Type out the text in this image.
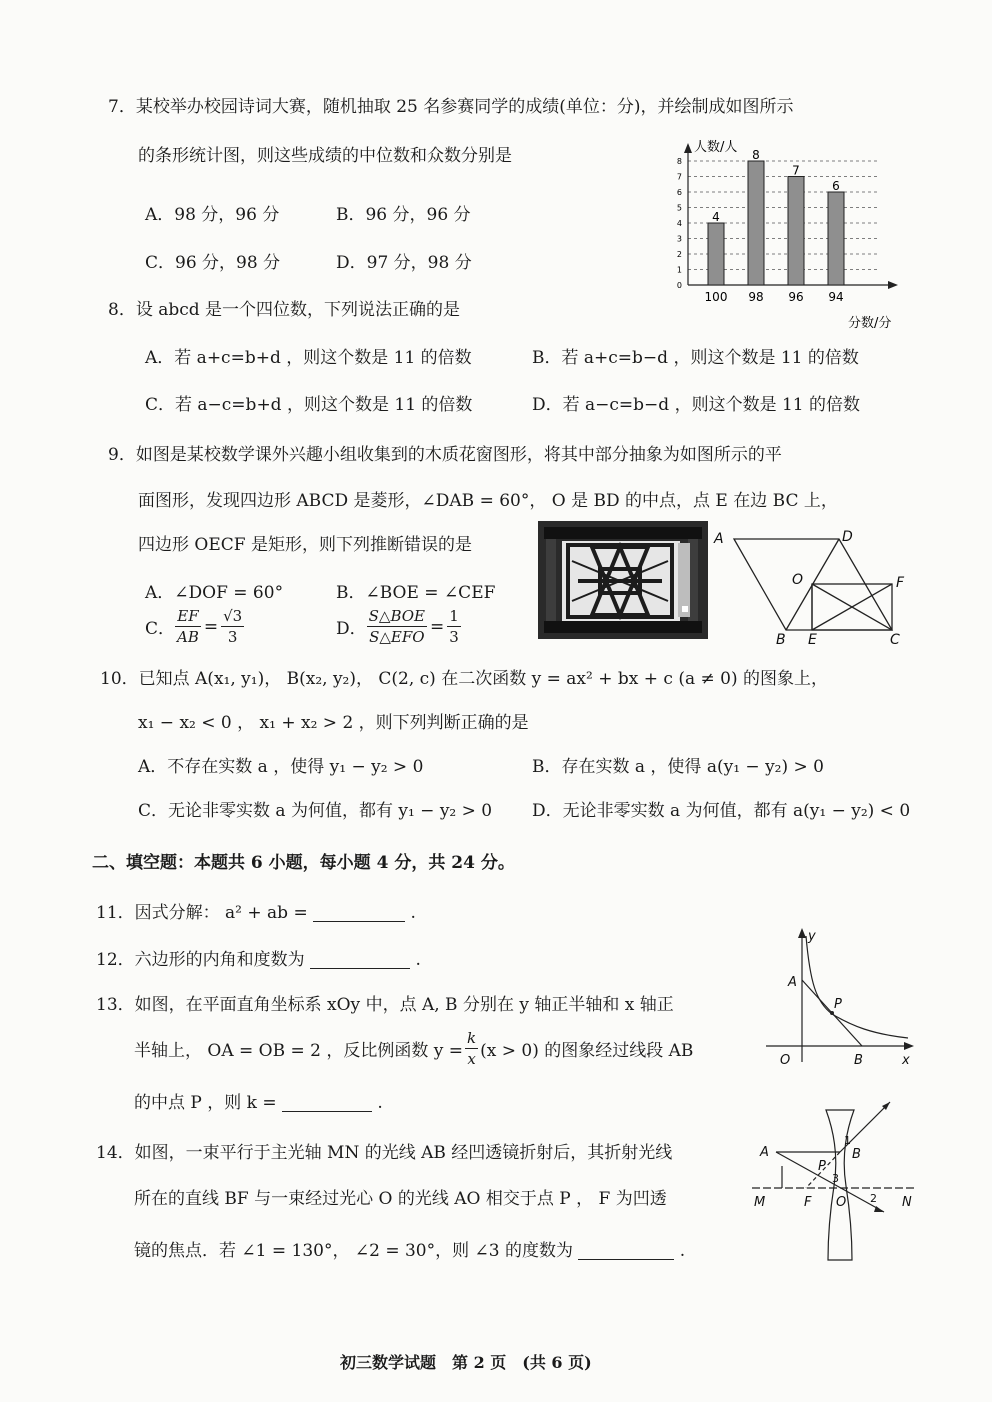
7．某校举办校园诗词大赛，随机抽取 25 名参赛同学的成绩(单位：分)，并绘制成如图所示
的条形统计图，则这些成绩的中位数和众数分别是
A．98 分，96 分	B．96 分，96 分
C．96 分，98 分	D．97 分，98 分
0
1
2
3
4
5
6
7
8
4
100
8
98
7
96
6
94
人数/人
分数/分
8．设 abcd 是一个四位数，下列说法正确的是
A．若 a+c=b+d ，则这个数是 11 的倍数	B．若 a+c=b−d ，则这个数是 11 的倍数
C．若 a−c=b+d ，则这个数是 11 的倍数	D．若 a−c=b−d ，则这个数是 11 的倍数
9．如图是某校数学课外兴趣小组收集到的木质花窗图形，将其中部分抽象为如图所示的平
面图形，发现四边形 ABCD 是菱形，∠DAB = 60°， O 是 BD 的中点，点 E 在边 BC 上，
四边形 OECF 是矩形，则下列推断错误的是
A．∠DOF = 60°	B．∠BOE = ∠CEF
C． $\frac{EF}{AB} = \frac{√3}{3}$	D． $\frac{\text{S△BOE}}{\text{S△EFO}} = \frac{1}{3}$
A	D
O	F
B E	C
10．已知点 A(x₁, y₁)， B(x₂, y₂)， C(2, c) 在二次函数 y = ax² + bx + c (a ≠ 0) 的图象上，
x₁ − x₂ < 0 ， x₁ + x₂ > 2 ，则下列判断正确的是
A．不存在实数 a ，使得 y₁ − y₂ > 0	B．存在实数 a ，使得 a(y₁ − y₂) > 0
C．无论非零实数 a 为何值，都有 y₁ − y₂ > 0 D．无论非零实数 a 为何值，都有 a(y₁ − y₂) < 0
二、填空题：本题共 6 小题，每小题 4 分，共 24 分。
11．因式分解： a² + ab =	.
12．六边形的内角和度数为	.
13．如图，在平面直角坐标系 xOy 中，点 A, B 分别在 y 轴正半轴和 x 轴正
半轴上， OA = OB = 2 ，反比例函数 $y = \frac{k}{x} (x > 0)$ 的图象经过线段 AB
的中点 P ，则 k =	.
y
A
P
O	B	x
14．如图，一束平行于主光轴 MN 的光线 AB 经凹透镜折射后，其折射光线
所在的直线 BF 与一束经过光心 O 的光线 AO 相交于点 P ， F 为凹透
镜的焦点．若 ∠1 = 130°， ∠2 = 30°，则 ∠3 的度数为	.
A	B
P
M	F O	N
1
2
3
初三数学试题　第 2 页　(共 6 页)
